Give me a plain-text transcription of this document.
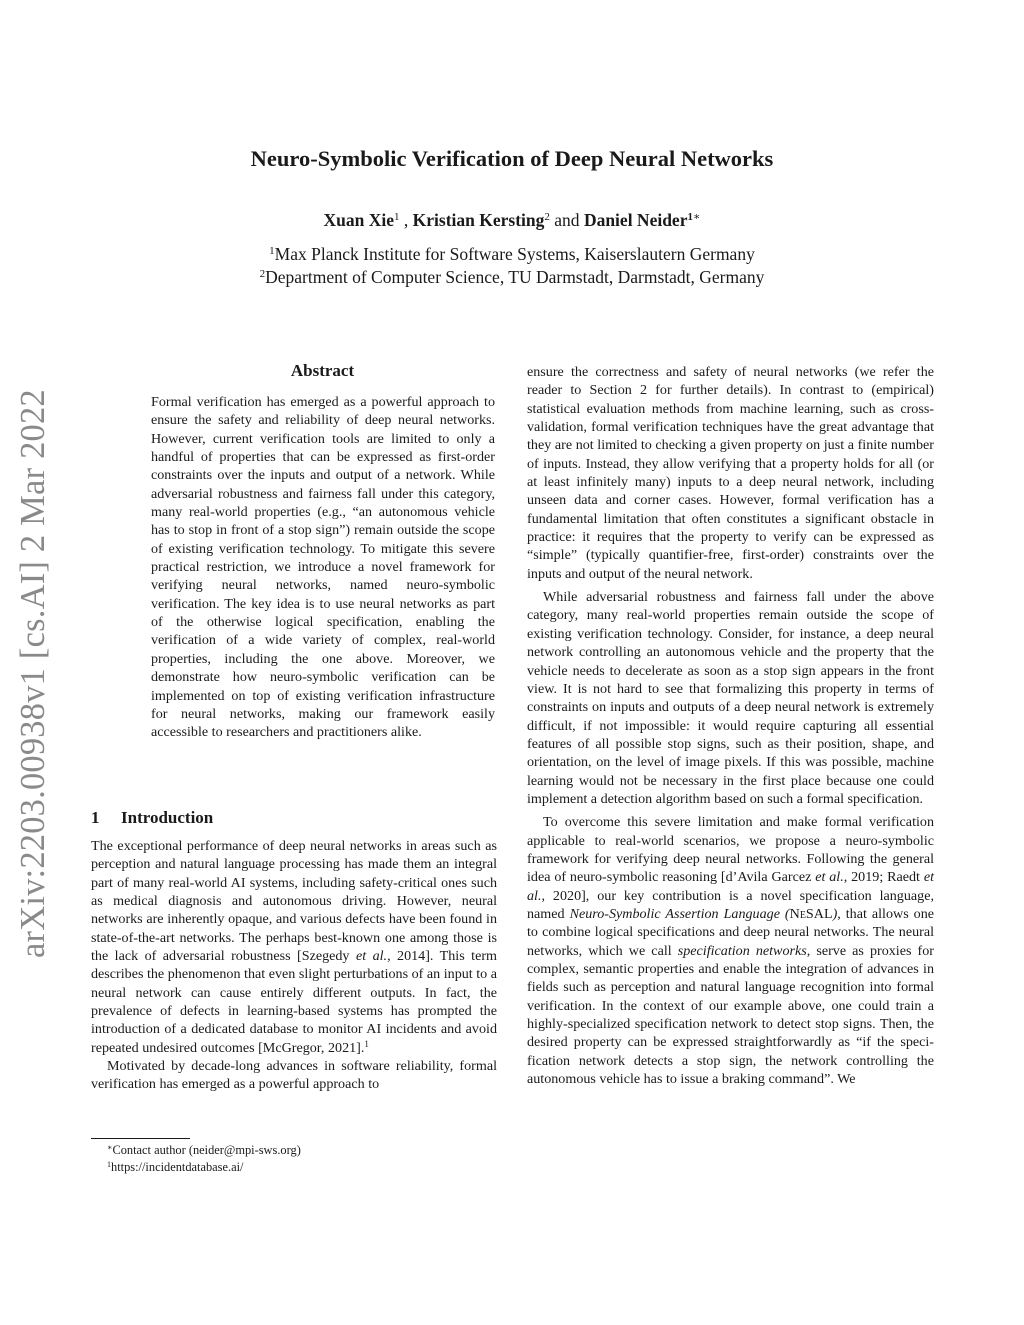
arXiv:2203.00938v1 [cs.AI] 2 Mar 2022
Neuro-Symbolic Verification of Deep Neural Networks
Xuan Xie$^1$ , Kristian Kersting$^2$ and Daniel Neider$^{1∗}$
$^1$Max Planck Institute for Software Systems, Kaiserslautern Germany
$^2$Department of Computer Science, TU Darmstadt, Darmstadt, Germany
Abstract
Formal verification has emerged as a powerful approach to ensure the safety and reliability of deep neural networks. However, current verification tools are limited to only a handful of properties that can be expressed as first-order constraints over the inputs and output of a network. While adversarial robustness and fairness fall under this category, many real-world properties (e.g., “an autonomous vehicle has to stop in front of a stop sign”) remain outside the scope of existing verification technology. To mitigate this severe practical restriction, we introduce a novel framework for verifying neural networks, named neuro-symbolic verification. The key idea is to use neural networks as part of the otherwise logical specification, enabling the verification of a wide variety of complex, real-world properties, including the one above. Moreover, we demonstrate how neuro-symbolic verification can be implemented on top of existing verification infrastructure for neural networks, making our framework easily accessible to researchers and practitioners alike.
1 Introduction

The exceptional performance of deep neural networks in areas such as perception and natural language processing has made them an integral part of many real-world AI systems, including safety-critical ones such as medical diagnosis and autonomous driving. However, neural networks are inherently opaque, and various defects have been found in state-of-the-art networks. The perhaps best-known one among those is the lack of adversarial robustness [Szegedy et al., 2014]. This term describes the phenomenon that even slight perturbations of an input to a neural network can cause entirely different outputs. In fact, the prevalence of defects in learning-based systems has prompted the introduction of a dedicated database to monitor AI incidents and avoid repeated undesired outcomes [McGregor, 2021].$^1$

Motivated by decade-long advances in software reliability, formal verification has emerged as a powerful approach to

∗Contact author (neider@mpi-sws.org)
$^1$https://incidentdatabase.ai/

ensure the correctness and safety of neural networks (we refer the reader to Section 2 for further details). In contrast to (empirical) statistical evaluation methods from machine learning, such as cross-validation, formal verification techniques have the great advantage that they are not limited to checking a given property on just a finite number of inputs. Instead, they allow verifying that a property holds for all (or at least infinitely many) inputs to a deep neural network, including unseen data and corner cases. However, formal verification has a fundamental limitation that often constitutes a significant obstacle in practice: it requires that the property to verify can be expressed as “simple” (typically quantifier-free, first-order) constraints over the inputs and output of the neural network.

While adversarial robustness and fairness fall under the above category, many real-world properties remain outside the scope of existing verification technology. Consider, for instance, a deep neural network controlling an autonomous vehicle and the property that the vehicle needs to decelerate as soon as a stop sign appears in the front view. It is not hard to see that formalizing this property in terms of constraints on inputs and outputs of a deep neural network is extremely difficult, if not impossible: it would require capturing all essential features of all possible stop signs, such as their position, shape, and orientation, on the level of image pixels. If this was possible, machine learning would not be necessary in the first place because one could implement a detection algorithm based on such a formal specification.

To overcome this severe limitation and make formal verification applicable to real-world scenarios, we propose a neuro-symbolic framework for verifying deep neural networks. Following the general idea of neuro-symbolic reasoning [d’Avila Garcez et al., 2019; Raedt et al., 2020], our key contribution is a novel specification language, named Neuro-Symbolic Assertion Language (NeSAL), that allows one to combine logical specifications and deep neural networks. The neural networks, which we call specification networks, serve as proxies for complex, semantic properties and enable the integration of advances in fields such as perception and natural language recognition into formal verification. In the context of our example above, one could train a highly-specialized specification network to detect stop signs. Then, the desired property can be expressed straightforwardly as “if the specification network detects a stop sign, the network controlling the autonomous vehicle has to issue a braking command”. We
